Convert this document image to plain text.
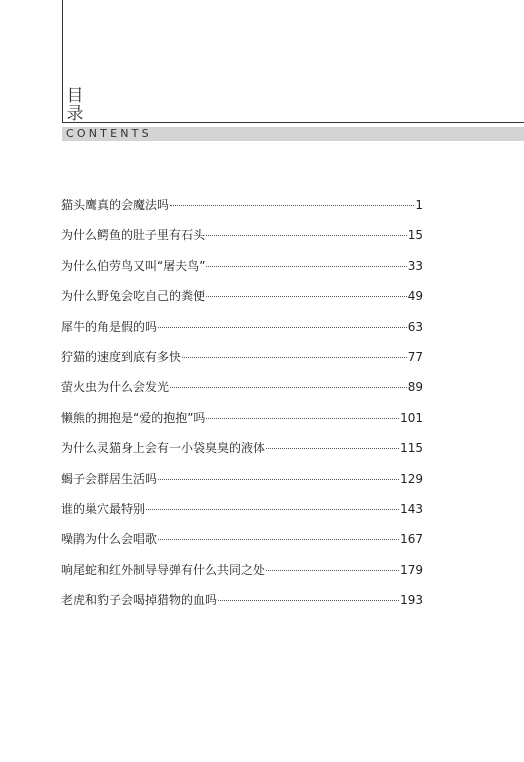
目
录
CONTENTS
猫头鹰真的会魔法吗	1
为什么鳄鱼的肚子里有石头	15
为什么伯劳鸟又叫“屠夫鸟”	33
为什么野兔会吃自己的粪便	49
犀牛的角是假的吗	63
狞猫的速度到底有多快	77
萤火虫为什么会发光	89
懒熊的拥抱是“爱的抱抱”吗	101
为什么灵猫身上会有一小袋臭臭的液体	115
蝎子会群居生活吗	129
谁的巢穴最特别	143
噪鹃为什么会唱歌	167
响尾蛇和红外制导导弹有什么共同之处	179
老虎和豹子会喝掉猎物的血吗	193
